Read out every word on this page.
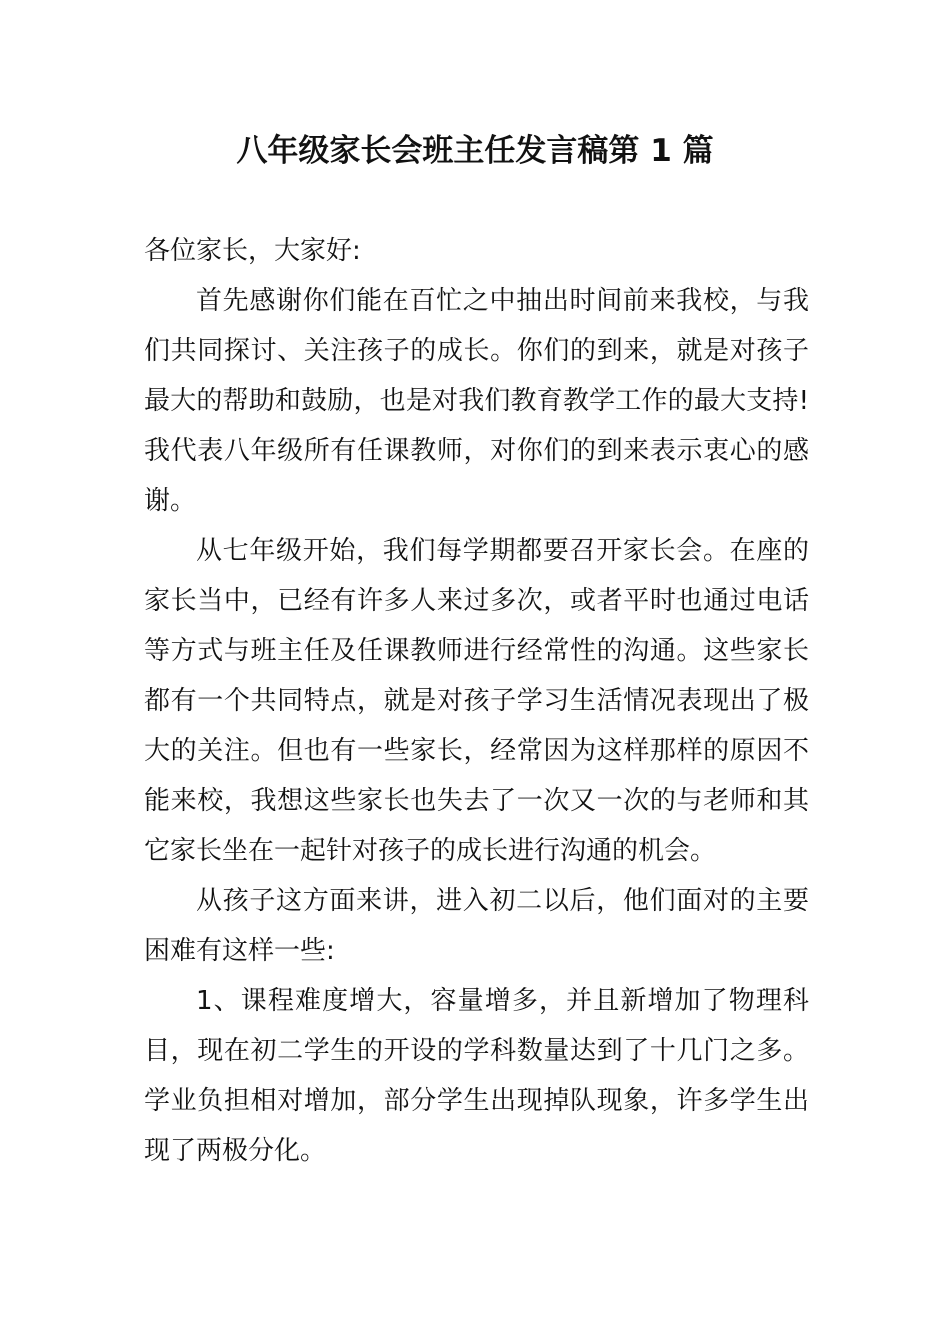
八年级家长会班主任发言稿第 1 篇

各位家长，大家好:

首先感谢你们能在百忙之中抽出时间前来我校，与我们共同探讨、关注孩子的成长。你们的到来，就是对孩子最大的帮助和鼓励，也是对我们教育教学工作的最大支持!我代表八年级所有任课教师，对你们的到来表示衷心的感谢。

从七年级开始，我们每学期都要召开家长会。在座的家长当中，已经有许多人来过多次，或者平时也通过电话等方式与班主任及任课教师进行经常性的沟通。这些家长都有一个共同特点，就是对孩子学习生活情况表现出了极大的关注。但也有一些家长，经常因为这样那样的原因不能来校，我想这些家长也失去了一次又一次的与老师和其它家长坐在一起针对孩子的成长进行沟通的机会。

从孩子这方面来讲，进入初二以后，他们面对的主要困难有这样一些:

1、课程难度增大，容量增多，并且新增加了物理科目，现在初二学生的开设的学科数量达到了十几门之多。学业负担相对增加，部分学生出现掉队现象，许多学生出现了两极分化。
